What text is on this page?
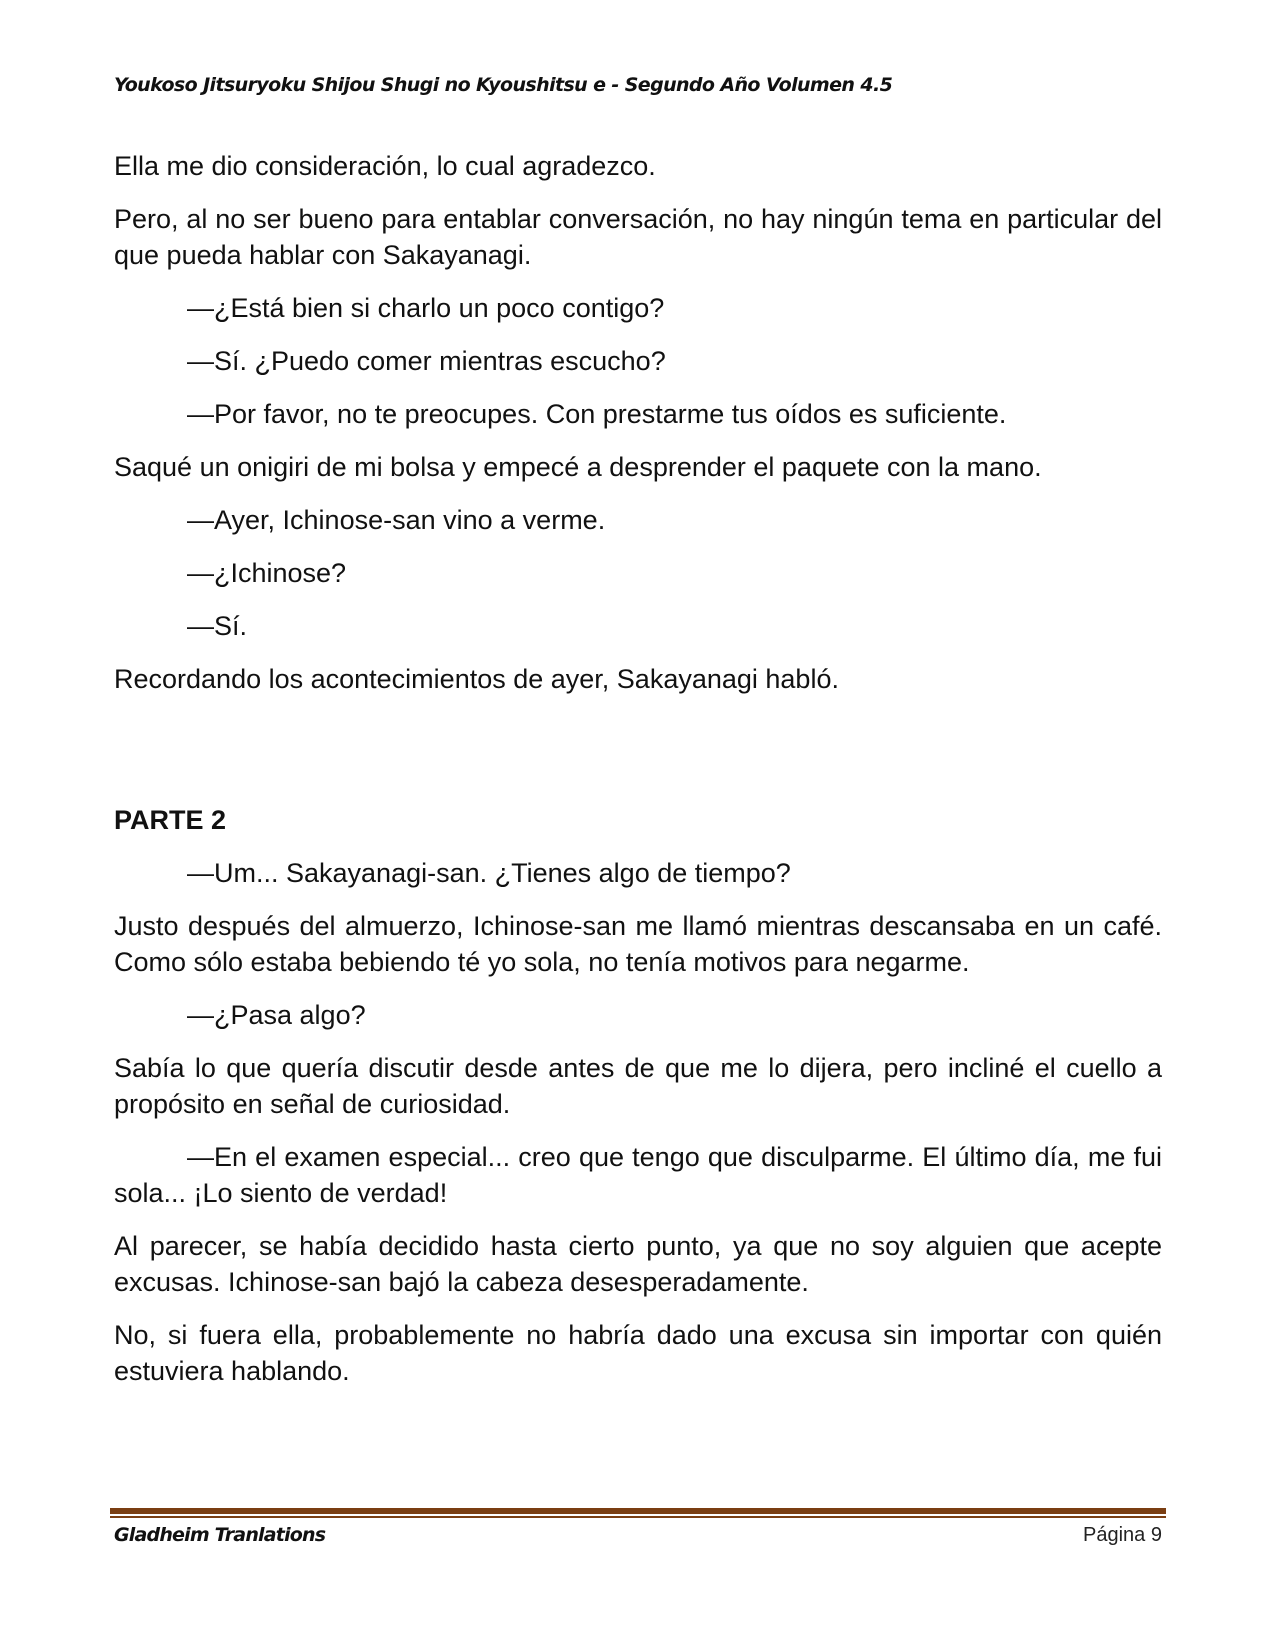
Youkoso Jitsuryoku Shijou Shugi no Kyoushitsu e - Segundo Año Volumen 4.5

Ella me dio consideración, lo cual agradezco.

Pero, al no ser bueno para entablar conversación, no hay ningún tema en particular del que pueda hablar con Sakayanagi.

—¿Está bien si charlo un poco contigo?

—Sí. ¿Puedo comer mientras escucho?

—Por favor, no te preocupes. Con prestarme tus oídos es suficiente.

Saqué un onigiri de mi bolsa y empecé a desprender el paquete con la mano.

—Ayer, Ichinose-san vino a verme.

—¿Ichinose?

—Sí.

Recordando los acontecimientos de ayer, Sakayanagi habló.

PARTE 2

—Um... Sakayanagi-san. ¿Tienes algo de tiempo?

Justo después del almuerzo, Ichinose-san me llamó mientras descansaba en un café. Como sólo estaba bebiendo té yo sola, no tenía motivos para negarme.

—¿Pasa algo?

Sabía lo que quería discutir desde antes de que me lo dijera, pero incliné el cuello a propósito en señal de curiosidad.

—En el examen especial... creo que tengo que disculparme. El último día, me fui sola... ¡Lo siento de verdad!

Al parecer, se había decidido hasta cierto punto, ya que no soy alguien que acepte excusas. Ichinose-san bajó la cabeza desesperadamente.

No, si fuera ella, probablemente no habría dado una excusa sin importar con quién estuviera hablando.

Gladheim Tranlations	Página 9
